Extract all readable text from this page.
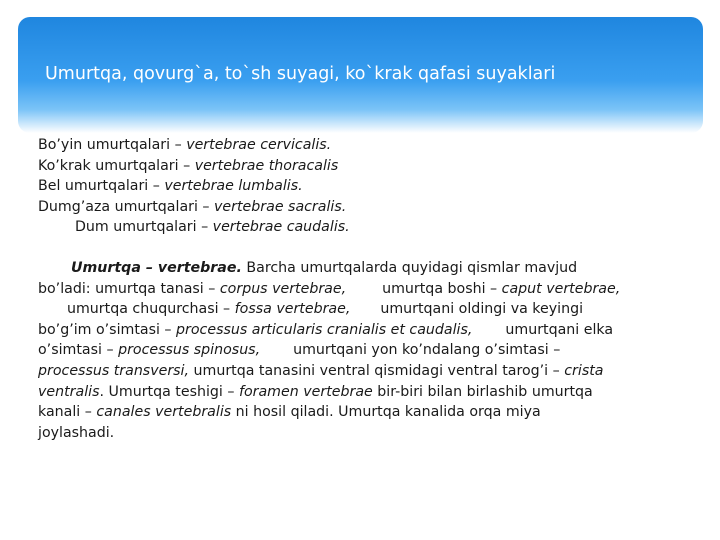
Umurtqa, qovurg`a, to`sh suyagi, ko`krak qafasi suyaklari
Bo’yin umurtqalari – vertebrae cervicalis.
Ko’krak umurtqalari – vertebrae thoracalis
Bel umurtqalari – vertebrae lumbalis.
Dumg’aza umurtqalari – vertebrae sacralis.
Dum umurtqalari – vertebrae caudalis.
Umurtqa – vertebrae. Barcha umurtqalarda quyidagi qismlar mavjud
bo’ladi: umurtqa tanasi – corpus vertebrae,	umurtqa boshi – caput vertebrae,
umurtqa chuqurchasi – fossa vertebrae, umurtqani oldingi va keyingi
bo’g’im o’simtasi – processus articularis cranialis et caudalis, umurtqani elka
o’simtasi – processus spinosus, umurtqani yon ko’ndalang o’simtasi –
processus transversi, umurtqa tanasini ventral qismidagi ventral tarog’i – crista
ventralis. Umurtqa teshigi – foramen vertebrae bir-biri bilan birlashib umurtqa
kanali – canales vertebralis ni hosil qiladi. Umurtqa kanalida orqa miya
joylashadi.
